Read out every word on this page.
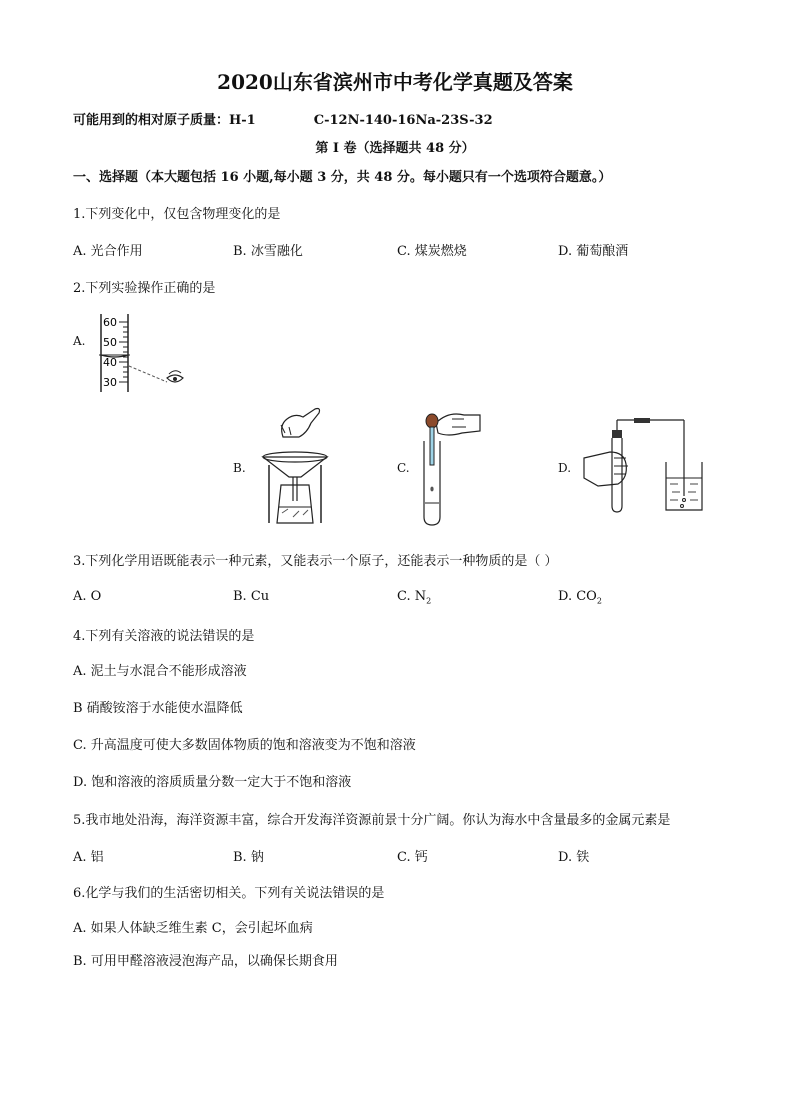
2020山东省滨州市中考化学真题及答案
可能用到的相对原子质量：H-1	C-12N-140-16Na-23S-32
第 I 卷（选择题共 48 分）
一、选择题（本大题包括 16 小题,每小题 3 分，共 48 分。每小题只有一个选项符合题意。）
1.下列变化中，仅包含物理变化的是
A. 光合作用	B. 冰雪融化	C. 煤炭燃烧	D. 葡萄酿酒
2.下列实验操作正确的是
A.
60
50
40
30
B.	C.	D.
3.下列化学用语既能表示一种元素，又能表示一个原子，还能表示一种物质的是（ ）
A. O	B. Cu	C. $N_2$	D. $CO_2$
4.下列有关溶液的说法错误的是
A. 泥土与水混合不能形成溶液
B 硝酸铵溶于水能使水温降低
C. 升高温度可使大多数固体物质的饱和溶液变为不饱和溶液
D. 饱和溶液的溶质质量分数一定大于不饱和溶液
5.我市地处沿海，海洋资源丰富，综合开发海洋资源前景十分广阔。你认为海水中含量最多的金属元素是
A. 铝	B. 钠	C. 钙	D. 铁
6.化学与我们的生活密切相关。下列有关说法错误的是
A. 如果人体缺乏维生素 C，会引起坏血病
B. 可用甲醛溶液浸泡海产品，以确保长期食用
